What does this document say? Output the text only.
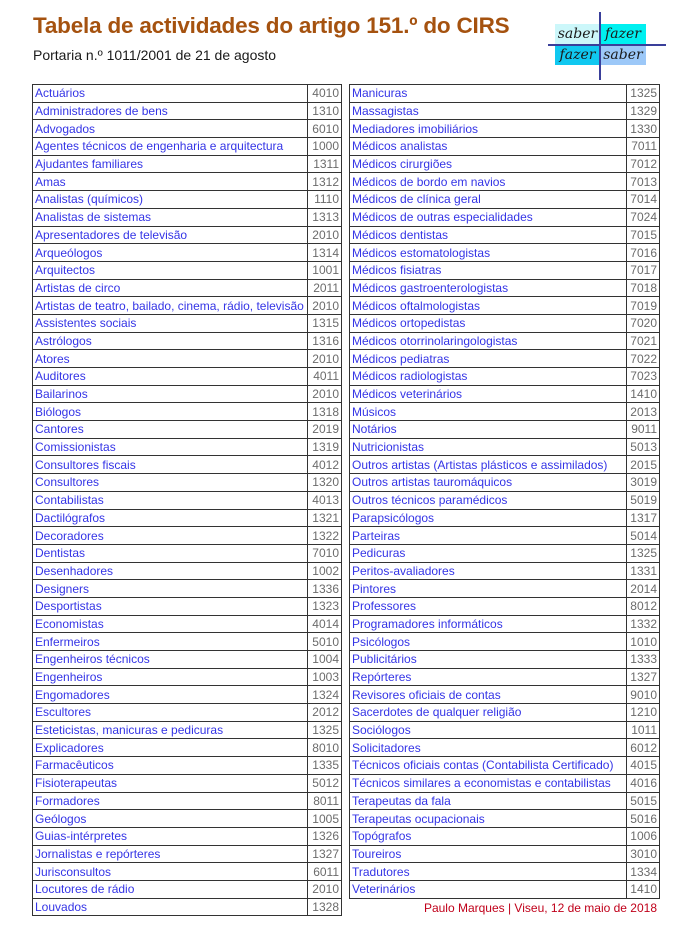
Tabela de actividades do artigo 151.º do CIRS
Portaria n.º 1011/2001 de 21 de agosto
saber fazer
fazer saber
Actuários	4010
Administradores de bens	1310
Advogados	6010
Agentes técnicos de engenharia e arquitectura	1000
Ajudantes familiares	1311
Amas	1312
Analistas (químicos)	1110
Analistas de sistemas	1313
Apresentadores de televisão	2010
Arqueólogos	1314
Arquitectos	1001
Artistas de circo	2011
Artistas de teatro, bailado, cinema, rádio, televisão	2010
Assistentes sociais	1315
Astrólogos	1316
Atores	2010
Auditores	4011
Bailarinos	2010
Biólogos	1318
Cantores	2019
Comissionistas	1319
Consultores fiscais	4012
Consultores	1320
Contabilistas	4013
Dactilógrafos	1321
Decoradores	1322
Dentistas	7010
Desenhadores	1002
Designers	1336
Desportistas	1323
Economistas	4014
Enfermeiros	5010
Engenheiros técnicos	1004
Engenheiros	1003
Engomadores	1324
Escultores	2012
Esteticistas, manicuras e pedicuras	1325
Explicadores	8010
Farmacêuticos	1335
Fisioterapeutas	5012
Formadores	8011
Geólogos	1005
Guias-intérpretes	1326
Jornalistas e repórteres	1327
Jurisconsultos	6011
Locutores de rádio	2010
Louvados	1328
Manicuras	1325
Massagistas	1329
Mediadores imobiliários	1330
Médicos analistas	7011
Médicos cirurgiões	7012
Médicos de bordo em navios	7013
Médicos de clínica geral	7014
Médicos de outras especialidades	7024
Médicos dentistas	7015
Médicos estomatologistas	7016
Médicos fisiatras	7017
Médicos gastroenterologistas	7018
Médicos oftalmologistas	7019
Médicos ortopedistas	7020
Médicos otorrinolaringologistas	7021
Médicos pediatras	7022
Médicos radiologistas	7023
Médicos veterinários	1410
Músicos	2013
Notários	9011
Nutricionistas	5013
Outros artistas (Artistas plásticos e assimilados)	2015
Outros artistas tauromáquicos	3019
Outros técnicos paramédicos	5019
Parapsicólogos	1317
Parteiras	5014
Pedicuras	1325
Peritos-avaliadores	1331
Pintores	2014
Professores	8012
Programadores informáticos	1332
Psicólogos	1010
Publicitários	1333
Repórteres	1327
Revisores oficiais de contas	9010
Sacerdotes de qualquer religião	1210
Sociólogos	1011
Solicitadores	6012
Técnicos oficiais contas (Contabilista Certificado)	4015
Técnicos similares a economistas e contabilistas	4016
Terapeutas da fala	5015
Terapeutas ocupacionais	5016
Topógrafos	1006
Toureiros	3010
Tradutores	1334
Veterinários	1410
Paulo Marques | Viseu, 12 de maio de 2018
